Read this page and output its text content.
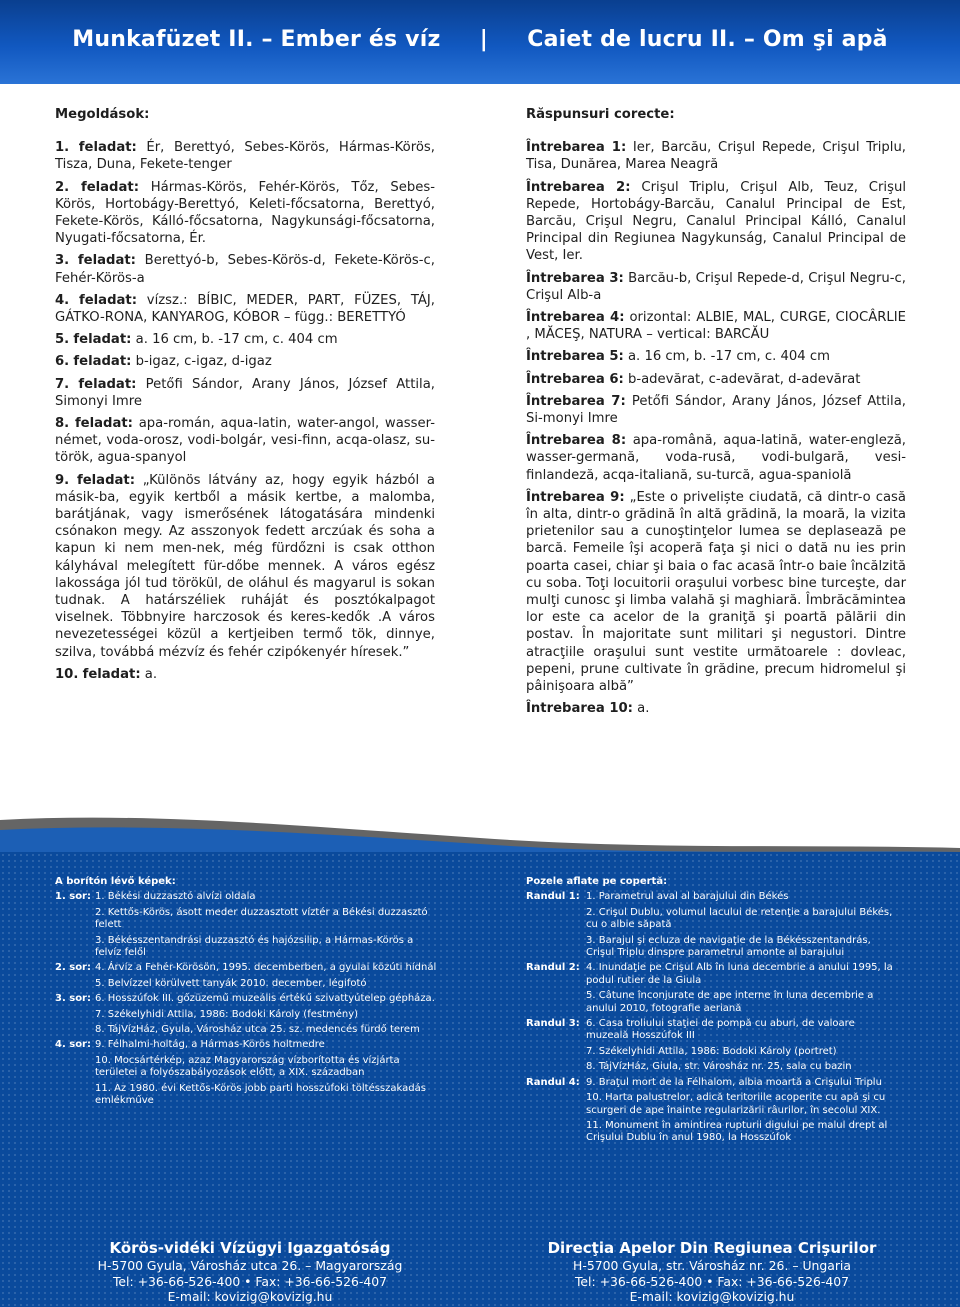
Munkafüzet II. – Ember és víz     |     Caiet de lucru II. – Om şi apă
Megoldások:

1. feladat: Ér, Berettyó, Sebes-Körös, Hármas-Körös, Tisza, Duna, Fekete-tenger

2. feladat: Hármas-Körös, Fehér-Körös, Tőz, Sebes-Körös, Hortobágy-Berettyó, Keleti-főcsatorna, Berettyó, Fekete-Körös, Kálló-főcsatorna, Nagykunsági-főcsatorna, Nyugati-főcsatorna, Ér.

3. feladat: Berettyó-b, Sebes-Körös-d, Fekete-Körös-c, Fehér-Körös-a

4. feladat: vízsz.: BÍBIC, MEDER, PART, FÜZES, TÁJ, GÁTKO-RONA, KANYAROG, KÓBOR – függ.: BERETTYÓ

5. feladat: a. 16 cm, b. -17 cm, c. 404 cm

6. feladat: b-igaz, c-igaz, d-igaz

7. feladat: Petőfi Sándor, Arany János, József Attila, Simonyi Imre

8. feladat: apa-román, aqua-latin, water-angol, wasser-német, voda-orosz, vodi-bolgár, vesi-finn, acqa-olasz, su-török, agua-spanyol

9. feladat: „Különös látvány az, hogy egyik házból a másik-ba, egyik kertből a másik kertbe, a malomba, barátjának, vagy ismerősének látogatására mindenki csónakon megy. Az asszonyok fedett arczúak és soha a kapun ki nem men-nek, még fürdőzni is csak otthon kályhával melegített für-dőbe mennek. A város egész lakossága jól tud törökül, de oláhul és magyarul is sokan tudnak. A határszéliek ruháját és posztókalpagot viselnek. Többnyire harczosok és keres-kedők .A város nevezetességei közül a kertjeiben termő tök, dinnye, szilva, továbbá mézvíz és fehér czipókenyér híresek.”

10. feladat: a.

Răspunsuri corecte:

Întrebarea 1: Ier, Barcău, Crişul Repede, Crişul Triplu, Tisa, Dunărea, Marea Neagră

Întrebarea 2: Crişul Triplu, Crişul Alb, Teuz, Crişul Repede, Hortobágy-Barcău, Canalul Principal de Est, Barcău, Crişul Negru, Canalul Principal Kálló, Canalul Principal din Regiunea Nagykunság, Canalul Principal de Vest, Ier.

Întrebarea 3: Barcău-b, Crişul Repede-d, Crişul Negru-c, Crişul Alb-a

Întrebarea 4: orizontal: ALBIE, MAL, CURGE, CIOCÂRLIE , MĂCEŞ, NATURA – vertical: BARCĂU

Întrebarea 5: a. 16 cm, b. -17 cm, c. 404 cm

Întrebarea 6: b-adevărat, c-adevărat, d-adevărat

Întrebarea 7: Petőfi Sándor, Arany János, József Attila, Si-monyi Imre

Întrebarea 8: apa-română, aqua-latină, water-engleză, wasser-germană, voda-rusă, vodi-bulgară, vesi-finlandeză, acqa-italiană, su-turcă, agua-spaniolă

Întrebarea 9: „Este o priveliște ciudată, că dintr-o casă în alta, dintr-o grădină în altă grădină, la moară, la vizita prietenilor sau a cunoştinţelor lumea se deplasează pe barcă. Femeile îşi acoperă faţa şi nici o dată nu ies prin poarta casei, chiar şi baia o fac acasă într-o baie încălzită cu soba. Toţi locuitorii oraşului vorbesc bine turceşte, dar mulţi cunosc şi limba valahă şi maghiară. Îmbrăcămintea lor este ca acelor de la graniţă şi poartă pălării din postav. În majoritate sunt militari şi negustori. Dintre atracţiile oraşului sunt vestite următoarele : dovleac, pepeni, prune cultivate în grădine, precum hidromelul şi pâinişoara albă”

Întrebarea 10: a.

A borítón lévő képek:
1. sor: 1. Békési duzzasztó alvízi oldala
2. Kettős-Körös, ásott meder duzzasztott víztér a Békési duzzasztó felett
3. Békésszentandrási duzzasztó és hajózsilip, a Hármas-Körös a felvíz felől
2. sor: 4. Árvíz a Fehér-Körösön, 1995. decemberben, a gyulai közúti hídnál
5. Belvízzel körülvett tanyák 2010. december, légifotó
3. sor: 6. Hosszúfok III. gőzüzemű muzeális értékű szivattyútelep gépháza.
7. Székelyhidi Attila, 1986: Bodoki Károly (festmény)
8. TájVízHáz, Gyula, Városház utca 25. sz. medencés fürdő terem
4. sor: 9. Félhalmi-holtág, a Hármas-Körös holtmedre
10. Mocsártérkép, azaz Magyarország vízborította és vízjárta területei a folyószabályozások előtt, a XIX. században
11. Az 1980. évi Kettős-Körös jobb parti hosszúfoki töltésszakadás emlékműve
Pozele aflate pe copertă:
Randul 1: 1. Parametrul aval al barajului din Békés
2. Crişul Dublu, volumul lacului de retenţie a barajului Békés, cu o albie săpată
3. Barajul şi ecluza de navigaţie de la Békésszentandrás, Crişul Triplu dinspre parametrul amonte al barajului
Randul 2: 4. Inundaţie pe Crişul Alb în luna decembrie a anului 1995, la podul rutier de la Giula
5. Câtune înconjurate de ape interne în luna decembrie a anului 2010, fotografie aeriană
Randul 3: 6. Casa troliului staţiei de pompă cu aburi, de valoare muzeală Hosszúfok III
7. Székelyhidi Attila, 1986: Bodoki Károly (portret)
8. TájVízHáz, Giula, str. Városház nr. 25, sala cu bazin
Randul 4: 9. Braţul mort de la Félhalom, albia moartă a Crişului Triplu
10. Harta palustrelor, adică teritoriile acoperite cu apă şi cu scurgeri de ape înainte regularizării râurilor, în secolul XIX.
11. Monument în amintirea rupturii digului pe malul drept al Crişului Dublu în anul 1980, la Hosszúfok
Körös-vidéki Vízügyi Igazgatóság
H-5700 Gyula, Városház utca 26. – Magyarország
Tel: +36-66-526-400 • Fax: +36-66-526-407
E-mail: kovizig@kovizig.hu
Direcţia Apelor Din Regiunea Crişurilor
H-5700 Gyula, str. Városház nr. 26. – Ungaria
Tel: +36-66-526-400 • Fax: +36-66-526-407
E-mail: kovizig@kovizig.hu
